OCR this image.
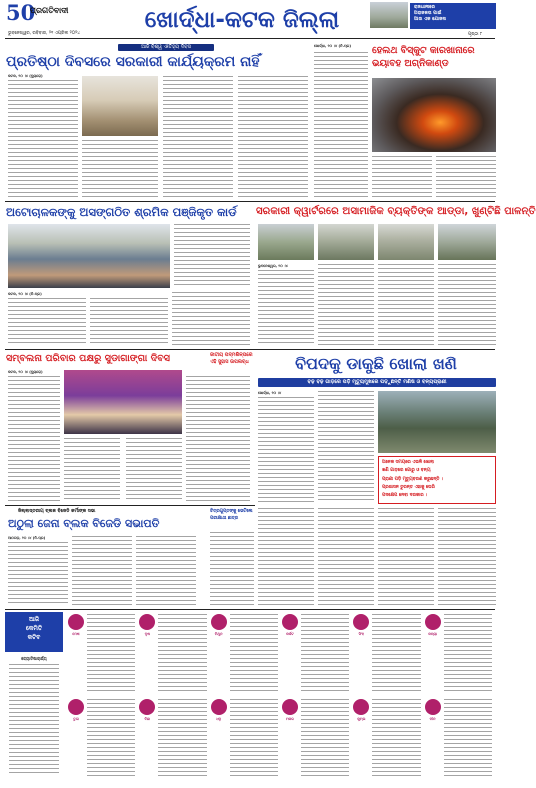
50
ପ୍ରଗତିବାଦୀ
ଭୁବନେଶ୍ୱର, ରବିବାର, ୨୧ ଏପ୍ରିଲ ୨୦୨୪
ଖୋର୍ଦ୍ଧା-କଟକ ଜିଲ୍ଲା	ରାଜଧାନୀରେ
ଅରାଜକତା ପାଇଁ
ଆଉ ଏକ ଯୋଜନା
ପୃଷ୍ଠା ୮
ଆଜି ବିଶ୍ୱ ଐତିହ୍ୟ ଦିବସ
ପ୍ରତିଷ୍ଠା ଦିବସରେ ସରକାରୀ କାର୍ଯ୍ୟକ୍ରମ ନାହିଁ
କଟକ, ୨୦ ।୪ (ବ୍ୟୁରୋ)
ଖୋର୍ଦ୍ଧା, ୨୦ ।୪ (ନି.ପ୍ର) ହେଲଥ ବିସ୍କୁଟ କାରଖାନାରେ ଭୟାବହ ଅଗ୍ନିକାଣ୍ଡ
ଅଟୋଚାଳକଙ୍କୁ ଅସଙ୍ଗଠିତ ଶ୍ରମିକ ପଞ୍ଜିକୃତ କାର୍ଡ
କଟକ, ୨୦ ।୪ (ନି.ପ୍ର)
ସରକାରୀ କ୍ୱାର୍ଟରରେ ଅସାମାଜିକ ବ୍ୟକ୍ତିଙ୍କ ଆଡ୍ଡା, ଖୁଣ୍ଟିଛି ପାଳନ୍ତି
ଭୁବନେଶ୍ୱର, ୨୦ ।୪
ସମ୍ବଲନା ପରିବାର ପକ୍ଷରୁ ସୁଡାଗାଙ୍ଗା ଦିବସ
କଟକ, ୨୦ ।୪ (ବ୍ୟୁରୋ)
ଜାତୀୟ ପଦ୍ମଶିଳ୍ପରେ
ଏହି ସୁହାସ ଉପଲବ୍ଧ	ବିପଦକୁ ଡାକୁଛି ଖୋଲା ଖଣି
ବଢ଼ ବଢ଼ ଗାଡ଼ରେ ପଡ଼ି ମୃତ୍ୟୁମୁଖରେ ପଡ଼ୁଛନ୍ତି ମଣିଷ ଓ ବନ୍ୟପ୍ରାଣୀ
ଖୋର୍ଦ୍ଧା, ୨୦ ।୪
ଅନେକ ସମୟରେ ଏଭଳି ଖୋଲା
ଖଣି ଗାଡ଼ରେ ଗୋରୁ ଓ ବନ୍ୟ
ପ୍ରାଣୀ ପଡ଼ି ମୃତ୍ୟୁବରଣ କରୁଛନ୍ତି ।
ପ୍ରଶାସନ ତୁରନ୍ତ ଏହାକୁ ଘେରି
ପଦକ୍ଷେପ ନେବା ଦରକାର ।
ଚିତ୍ରଗୁପ୍ତଙ୍କୁ ଭେଟିଲେ
ପରୀକ୍ଷାଥୀ ଛାତ୍ର
ଜିଲ୍ଲାସ୍ତରୀୟ ବ୍ଲକ ବିଜେଡି କର୍ମୀଙ୍କ ସଭା
ଅଠୁଲା ଜେନା ବ୍ଲକ ବିଜେଡି ସଭାପତି
ଆଠଗଡ଼, ୨୦ ।୪ (ନି.ପ୍ର)
ଆଜି
କେମିତି
କଟିବ
ଜ୍ୟୋତିଷାଚାର୍ଯ୍ୟ
ମେଷ	ବୃଷ	ମିଥୁନ	କର୍କଟ	ସିଂହ	କନ୍ୟା
ତୁଳା	ବିଛା	ଧନୁ	ମକର	କୁମ୍ଭ	ମୀନ
